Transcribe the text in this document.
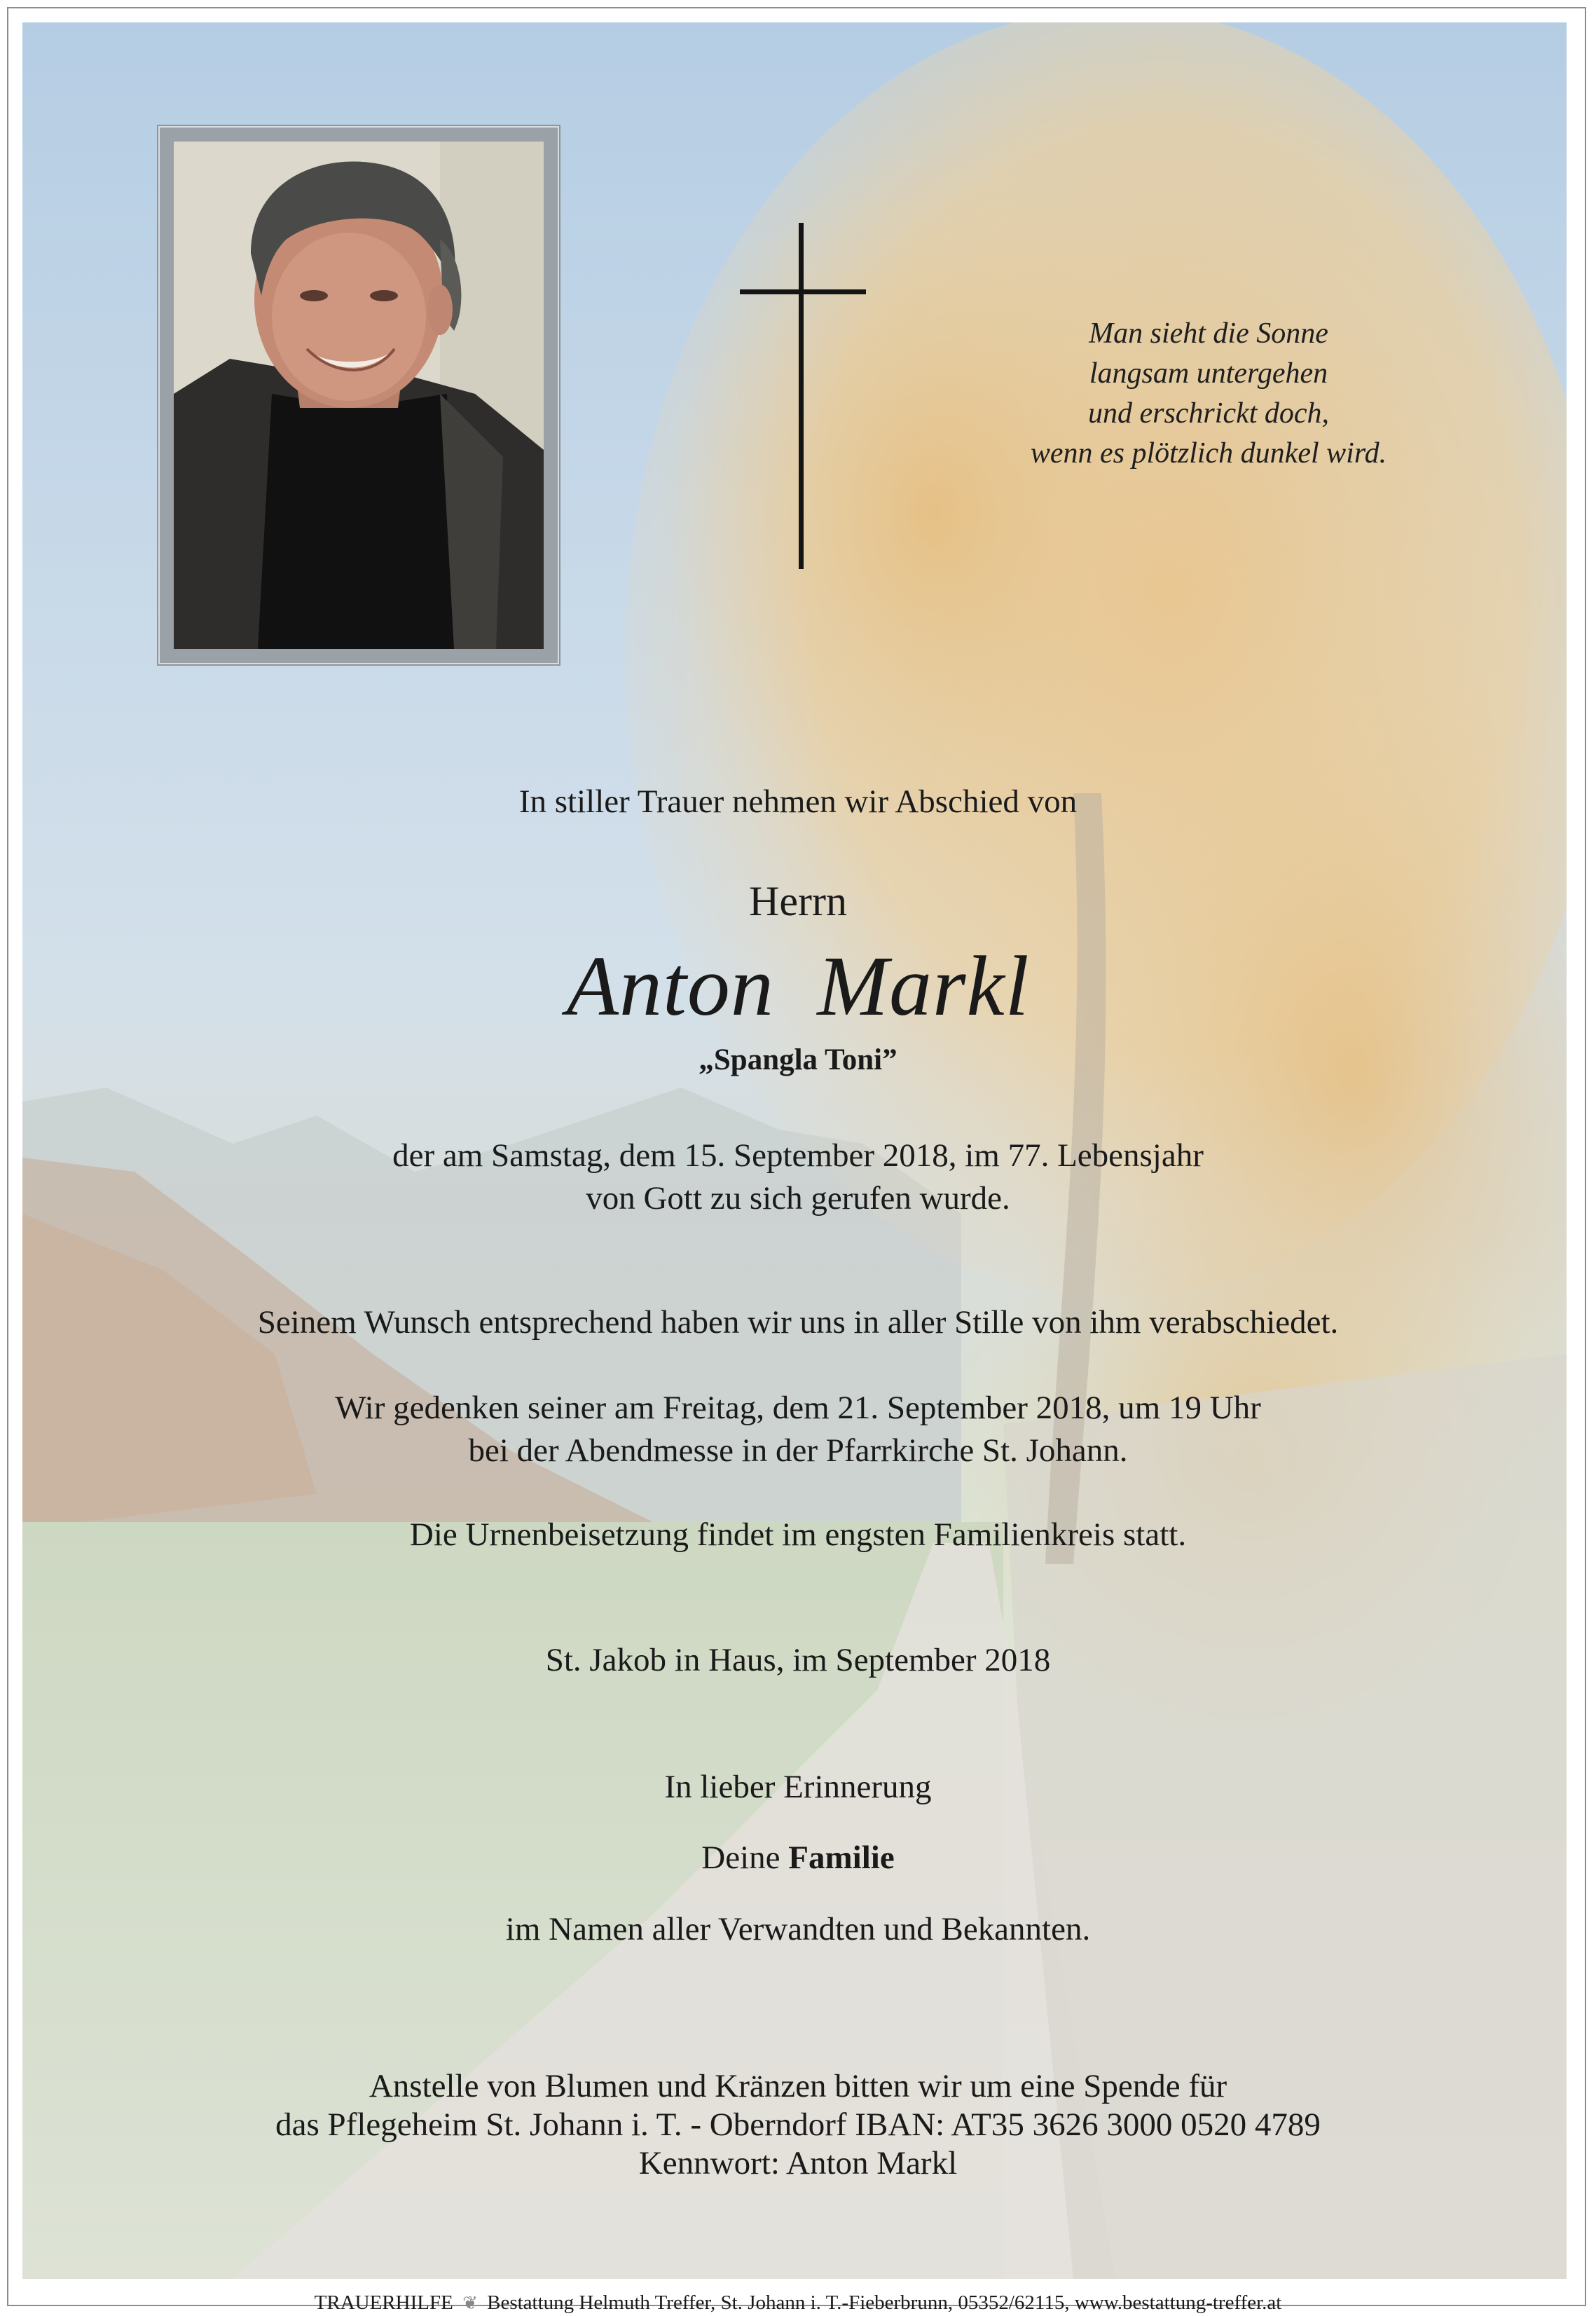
Man sieht die Sonne
langsam untergehen
und erschrickt doch,
wenn es plötzlich dunkel wird.
In stiller Trauer nehmen wir Abschied von
Herrn
Anton Markl
„Spangla Toni”
der am Samstag, dem 15. September 2018, im 77. Lebensjahr
von Gott zu sich gerufen wurde.
Seinem Wunsch entsprechend haben wir uns in aller Stille von ihm verabschiedet.
Wir gedenken seiner am Freitag, dem 21. September 2018, um 19 Uhr
bei der Abendmesse in der Pfarrkirche St. Johann.
Die Urnenbeisetzung findet im engsten Familienkreis statt.
St. Jakob in Haus, im September 2018
In lieber Erinnerung
Deine Familie
im Namen aller Verwandten und Bekannten.
Anstelle von Blumen und Kränzen bitten wir um eine Spende für
das Pflegeheim St. Johann i. T. - Oberndorf IBAN: AT35 3626 3000 0520 4789
Kennwort: Anton Markl
TRAUERHILFE ❦ Bestattung Helmuth Treffer, St. Johann i. T.-Fieberbrunn, 05352/62115, www.bestattung-treffer.at
